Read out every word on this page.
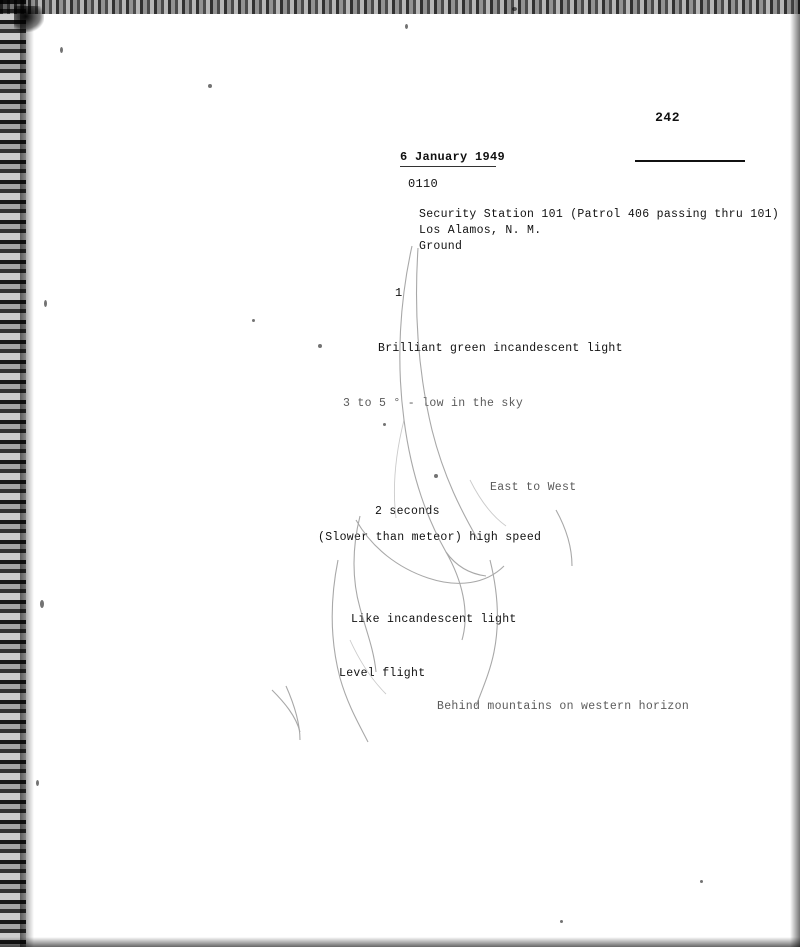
242
6 January 1949
0110
Security Station 101 (Patrol 406 passing thru 101)
Los Alamos, N. M.
Ground
1
Brilliant green incandescent light
3 to 5 ° - low in the sky
East to West
2 seconds
(Slower than meteor) high speed
Like incandescent light
Level flight
Behind mountains on western horizon
